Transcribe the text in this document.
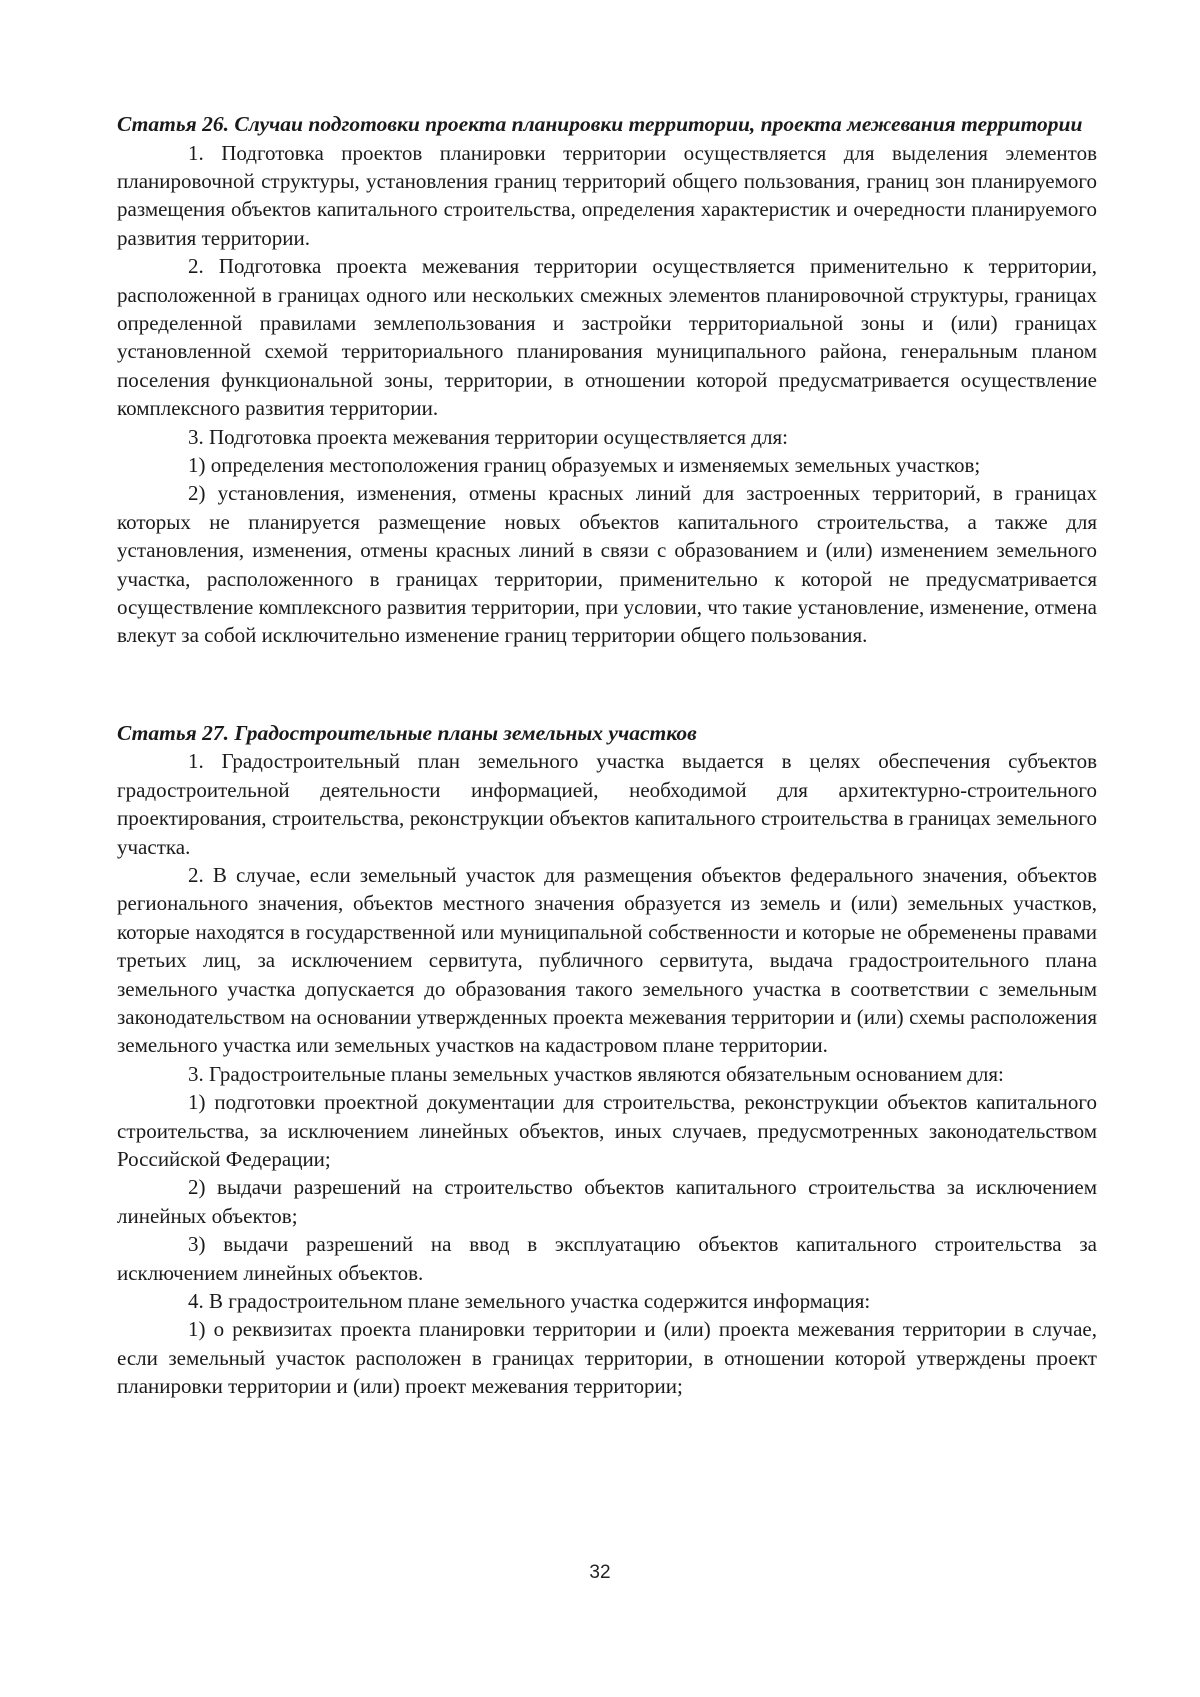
Статья 26. Случаи подготовки проекта планировки территории, проекта межевания территории

1. Подготовка проектов планировки территории осуществляется для выделения элементов планировочной структуры, установления границ территорий общего пользования, границ зон планируемого размещения объектов капитального строительства, определения характеристик и очередности планируемого развития территории.

2. Подготовка проекта межевания территории осуществляется применительно к территории, расположенной в границах одного или нескольких смежных элементов планировочной структуры, границах определенной правилами землепользования и застройки территориальной зоны и (или) границах установленной схемой территориального планирования муниципального района, генеральным планом поселения функциональной зоны, территории, в отношении которой предусматривается осуществление комплексного развития территории.

3. Подготовка проекта межевания территории осуществляется для:

1) определения местоположения границ образуемых и изменяемых земельных участков;

2) установления, изменения, отмены красных линий для застроенных территорий, в границах которых не планируется размещение новых объектов капитального строительства, а также для установления, изменения, отмены красных линий в связи с образованием и (или) изменением земельного участка, расположенного в границах территории, применительно к которой не предусматривается осуществление комплексного развития территории, при условии, что такие установление, изменение, отмена влекут за собой исключительно изменение границ территории общего пользования.

Статья 27. Градостроительные планы земельных участков

1. Градостроительный план земельного участка выдается в целях обеспечения субъектов градостроительной деятельности информацией, необходимой для архитектурно-строительного проектирования, строительства, реконструкции объектов капитального строительства в границах земельного участка.

2. В случае, если земельный участок для размещения объектов федерального значения, объектов регионального значения, объектов местного значения образуется из земель и (или) земельных участков, которые находятся в государственной или муниципальной собственности и которые не обременены правами третьих лиц, за исключением сервитута, публичного сервитута, выдача градостроительного плана земельного участка допускается до образования такого земельного участка в соответствии с земельным законодательством на основании утвержденных проекта межевания территории и (или) схемы расположения земельного участка или земельных участков на кадастровом плане территории.

3. Градостроительные планы земельных участков являются обязательным основанием для:

1) подготовки проектной документации для строительства, реконструкции объектов капитального строительства, за исключением линейных объектов, иных случаев, предусмотренных законодательством Российской Федерации;

2) выдачи разрешений на строительство объектов капитального строительства за исключением линейных объектов;

3) выдачи разрешений на ввод в эксплуатацию объектов капитального строительства за исключением линейных объектов.

4. В градостроительном плане земельного участка содержится информация:

1) о реквизитах проекта планировки территории и (или) проекта межевания территории в случае, если земельный участок расположен в границах территории, в отношении которой утверждены проект планировки территории и (или) проект межевания территории;

32
